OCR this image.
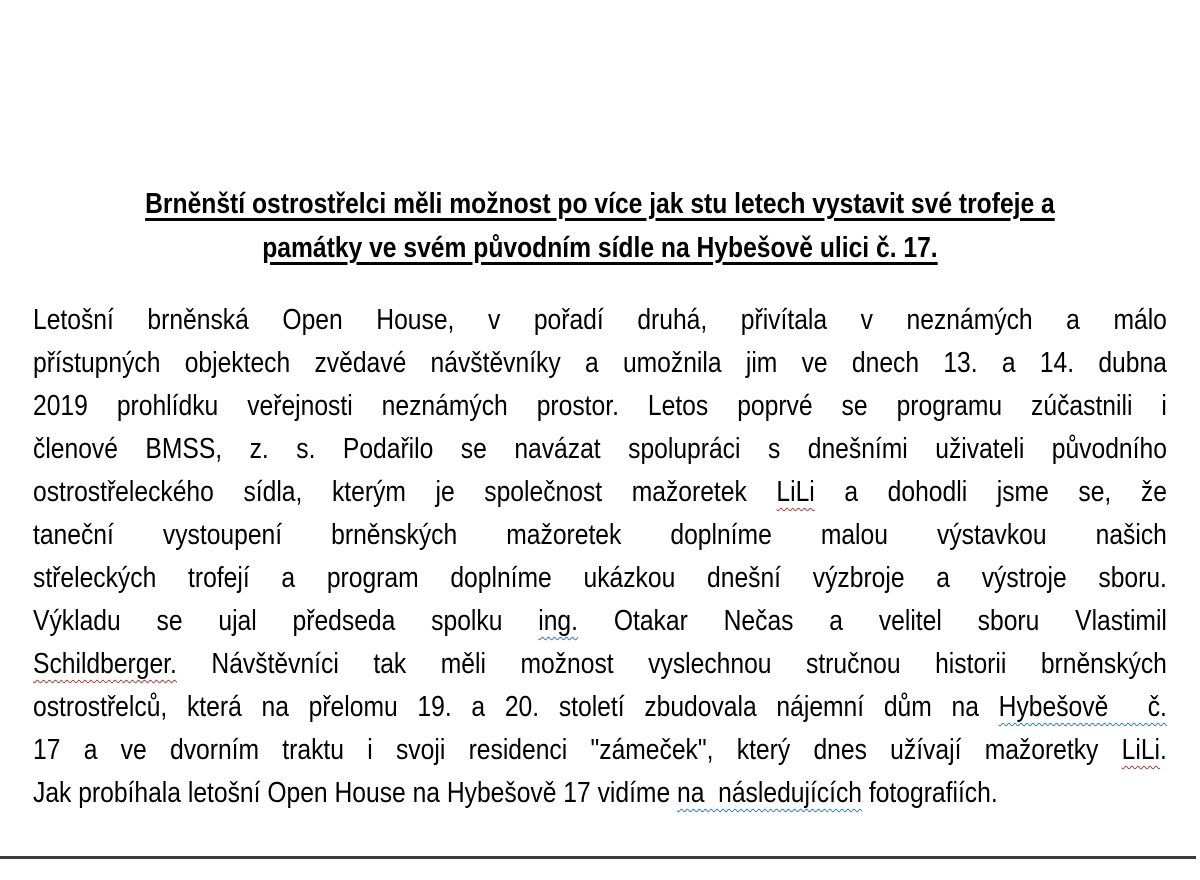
Brněnští ostrostřelci měli možnost po více jak stu letech vystavit své trofeje a
památky ve svém původním sídle na Hybešově ulici č. 17.
Letošní brněnská Open House, v pořadí druhá, přivítala v neznámých a málo
přístupných objektech zvědavé návštěvníky a umožnila jim ve dnech 13. a 14. dubna
2019 prohlídku veřejnosti neznámých prostor. Letos poprvé se programu zúčastnili i
členové BMSS, z. s. Podařilo se navázat spolupráci s dnešními uživateli původního
ostrostřeleckého sídla, kterým je společnost mažoretek LiLi a dohodli jsme se, že
taneční vystoupení brněnských mažoretek doplníme malou výstavkou našich
střeleckých trofejí a program doplníme ukázkou dnešní výzbroje a výstroje sboru.
Výkladu se ujal předseda spolku ing. Otakar Nečas a velitel sboru Vlastimil
Schildberger. Návštěvníci tak měli možnost vyslechnou stručnou historii brněnských
ostrostřelců, která na přelomu 19. a 20. století zbudovala nájemní dům na Hybešově  č.
17 a ve dvorním traktu i svoji residenci "zámeček", který dnes užívají mažoretky LiLi.
Jak probíhala letošní Open House na Hybešově 17 vidíme na  následujících fotografiích.
